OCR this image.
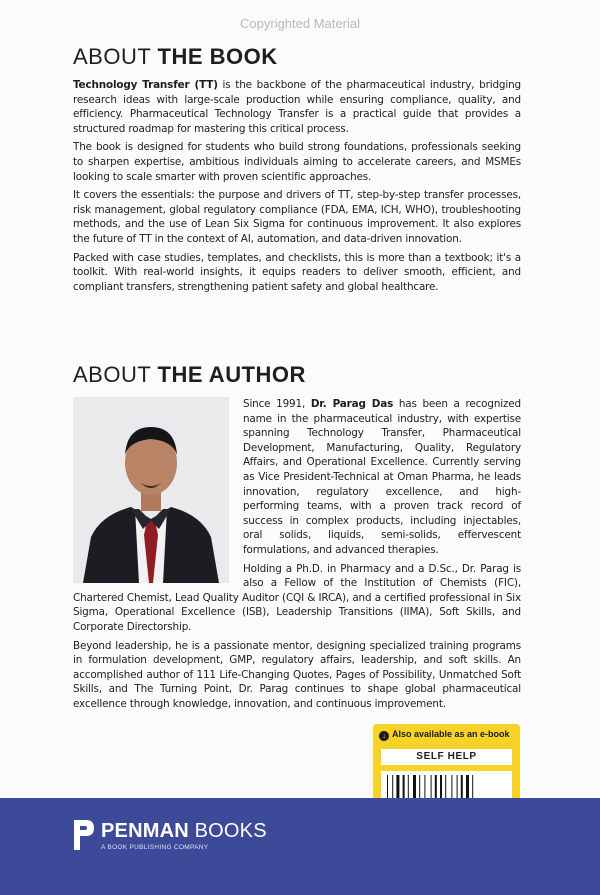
Copyrighted Material
ABOUT THE BOOK

Technology Transfer (TT) is the backbone of the pharmaceutical industry, bridging research ideas with large-scale production while ensuring compliance, quality, and efficiency. Pharmaceutical Technology Transfer is a practical guide that provides a structured roadmap for mastering this critical process.

The book is designed for students who build strong foundations, professionals seeking to sharpen expertise, ambitious individuals aiming to accelerate careers, and MSMEs looking to scale smarter with proven scientific approaches.

It covers the essentials: the purpose and drivers of TT, step-by-step transfer processes, risk management, global regulatory compliance (FDA, EMA, ICH, WHO), troubleshooting methods, and the use of Lean Six Sigma for continuous improvement. It also explores the future of TT in the context of AI, automation, and data-driven innovation.

Packed with case studies, templates, and checklists, this is more than a textbook; it's a toolkit. With real-world insights, it equips readers to deliver smooth, efficient, and compliant transfers, strengthening patient safety and global healthcare.

ABOUT THE AUTHOR

Since 1991, Dr. Parag Das has been a recognized name in the pharmaceutical industry, with expertise spanning Technology Transfer, Pharmaceutical Development, Manufacturing, Quality, Regulatory Affairs, and Operational Excellence. Currently serving as Vice President-Technical at Oman Pharma, he leads innovation, regulatory excellence, and high-performing teams, with a proven track record of success in complex products, including injectables, oral solids, liquids, semi-solids, effervescent formulations, and advanced therapies.

Holding a Ph.D. in Pharmacy and a D.Sc., Dr. Parag is also a Fellow of the Institution of Chemists (FIC), Chartered Chemist, Lead Quality Auditor (CQI & IRCA), and a certified professional in Six Sigma, Operational Excellence (ISB), Leadership Transitions (IIMA), Soft Skills, and Corporate Directorship.

Beyond leadership, he is a passionate mentor, designing specialized training programs in formulation development, GMP, regulatory affairs, leadership, and soft skills. An accomplished author of 111 Life-Changing Quotes, Pages of Possibility, Unmatched Soft Skills, and The Turning Point, Dr. Parag continues to shape global pharmaceutical excellence through knowledge, innovation, and continuous improvement.

↓ Also available as an e-book
SELF HELP
PENMAN BOOKS
A BOOK PUBLISHING COMPANY
